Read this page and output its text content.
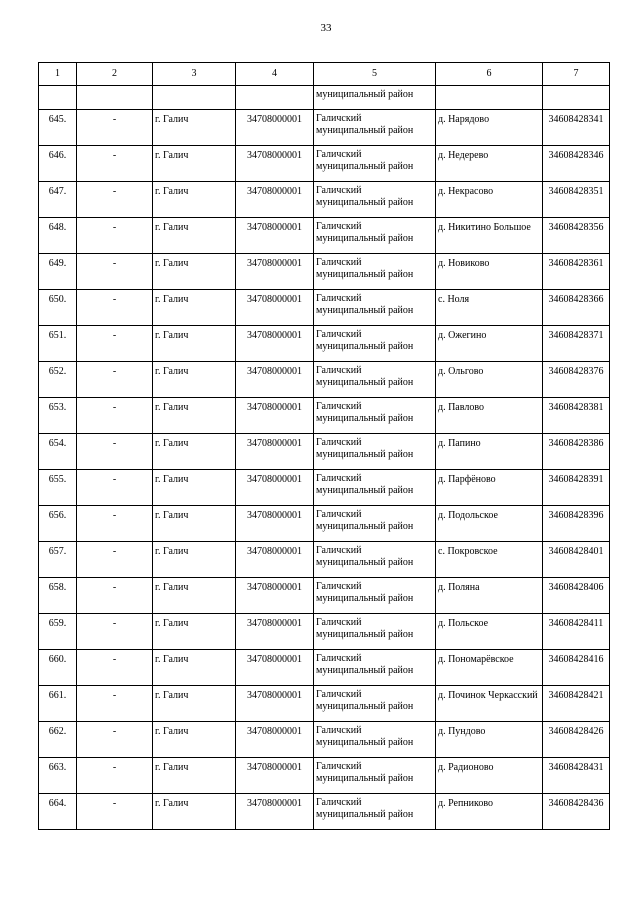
33
1	2	3	4	5	6	7
				муниципальный район		
645.	-	г. Галич	34708000001	Галичский муниципальный район	д. Нарядово	34608428341
646.	-	г. Галич	34708000001	Галичский муниципальный район	д. Недерево	34608428346
647.	-	г. Галич	34708000001	Галичский муниципальный район	д. Некрасово	34608428351
648.	-	г. Галич	34708000001	Галичский муниципальный район	д. Никитино Большое	34608428356
649.	-	г. Галич	34708000001	Галичский муниципальный район	д. Новиково	34608428361
650.	-	г. Галич	34708000001	Галичский муниципальный район	с. Ноля	34608428366
651.	-	г. Галич	34708000001	Галичский муниципальный район	д. Ожегино	34608428371
652.	-	г. Галич	34708000001	Галичский муниципальный район	д. Ольгово	34608428376
653.	-	г. Галич	34708000001	Галичский муниципальный район	д. Павлово	34608428381
654.	-	г. Галич	34708000001	Галичский муниципальный район	д. Папино	34608428386
655.	-	г. Галич	34708000001	Галичский муниципальный район	д. Парфёново	34608428391
656.	-	г. Галич	34708000001	Галичский муниципальный район	д. Подольское	34608428396
657.	-	г. Галич	34708000001	Галичский муниципальный район	с. Покровское	34608428401
658.	-	г. Галич	34708000001	Галичский муниципальный район	д. Поляна	34608428406
659.	-	г. Галич	34708000001	Галичский муниципальный район	д. Польское	34608428411
660.	-	г. Галич	34708000001	Галичский муниципальный район	д. Пономарёвское	34608428416
661.	-	г. Галич	34708000001	Галичский муниципальный район	д. Починок Черкасский	34608428421
662.	-	г. Галич	34708000001	Галичский муниципальный район	д. Пундово	34608428426
663.	-	г. Галич	34708000001	Галичский муниципальный район	д. Радионово	34608428431
664.	-	г. Галич	34708000001	Галичский муниципальный район	д. Репниково	34608428436
